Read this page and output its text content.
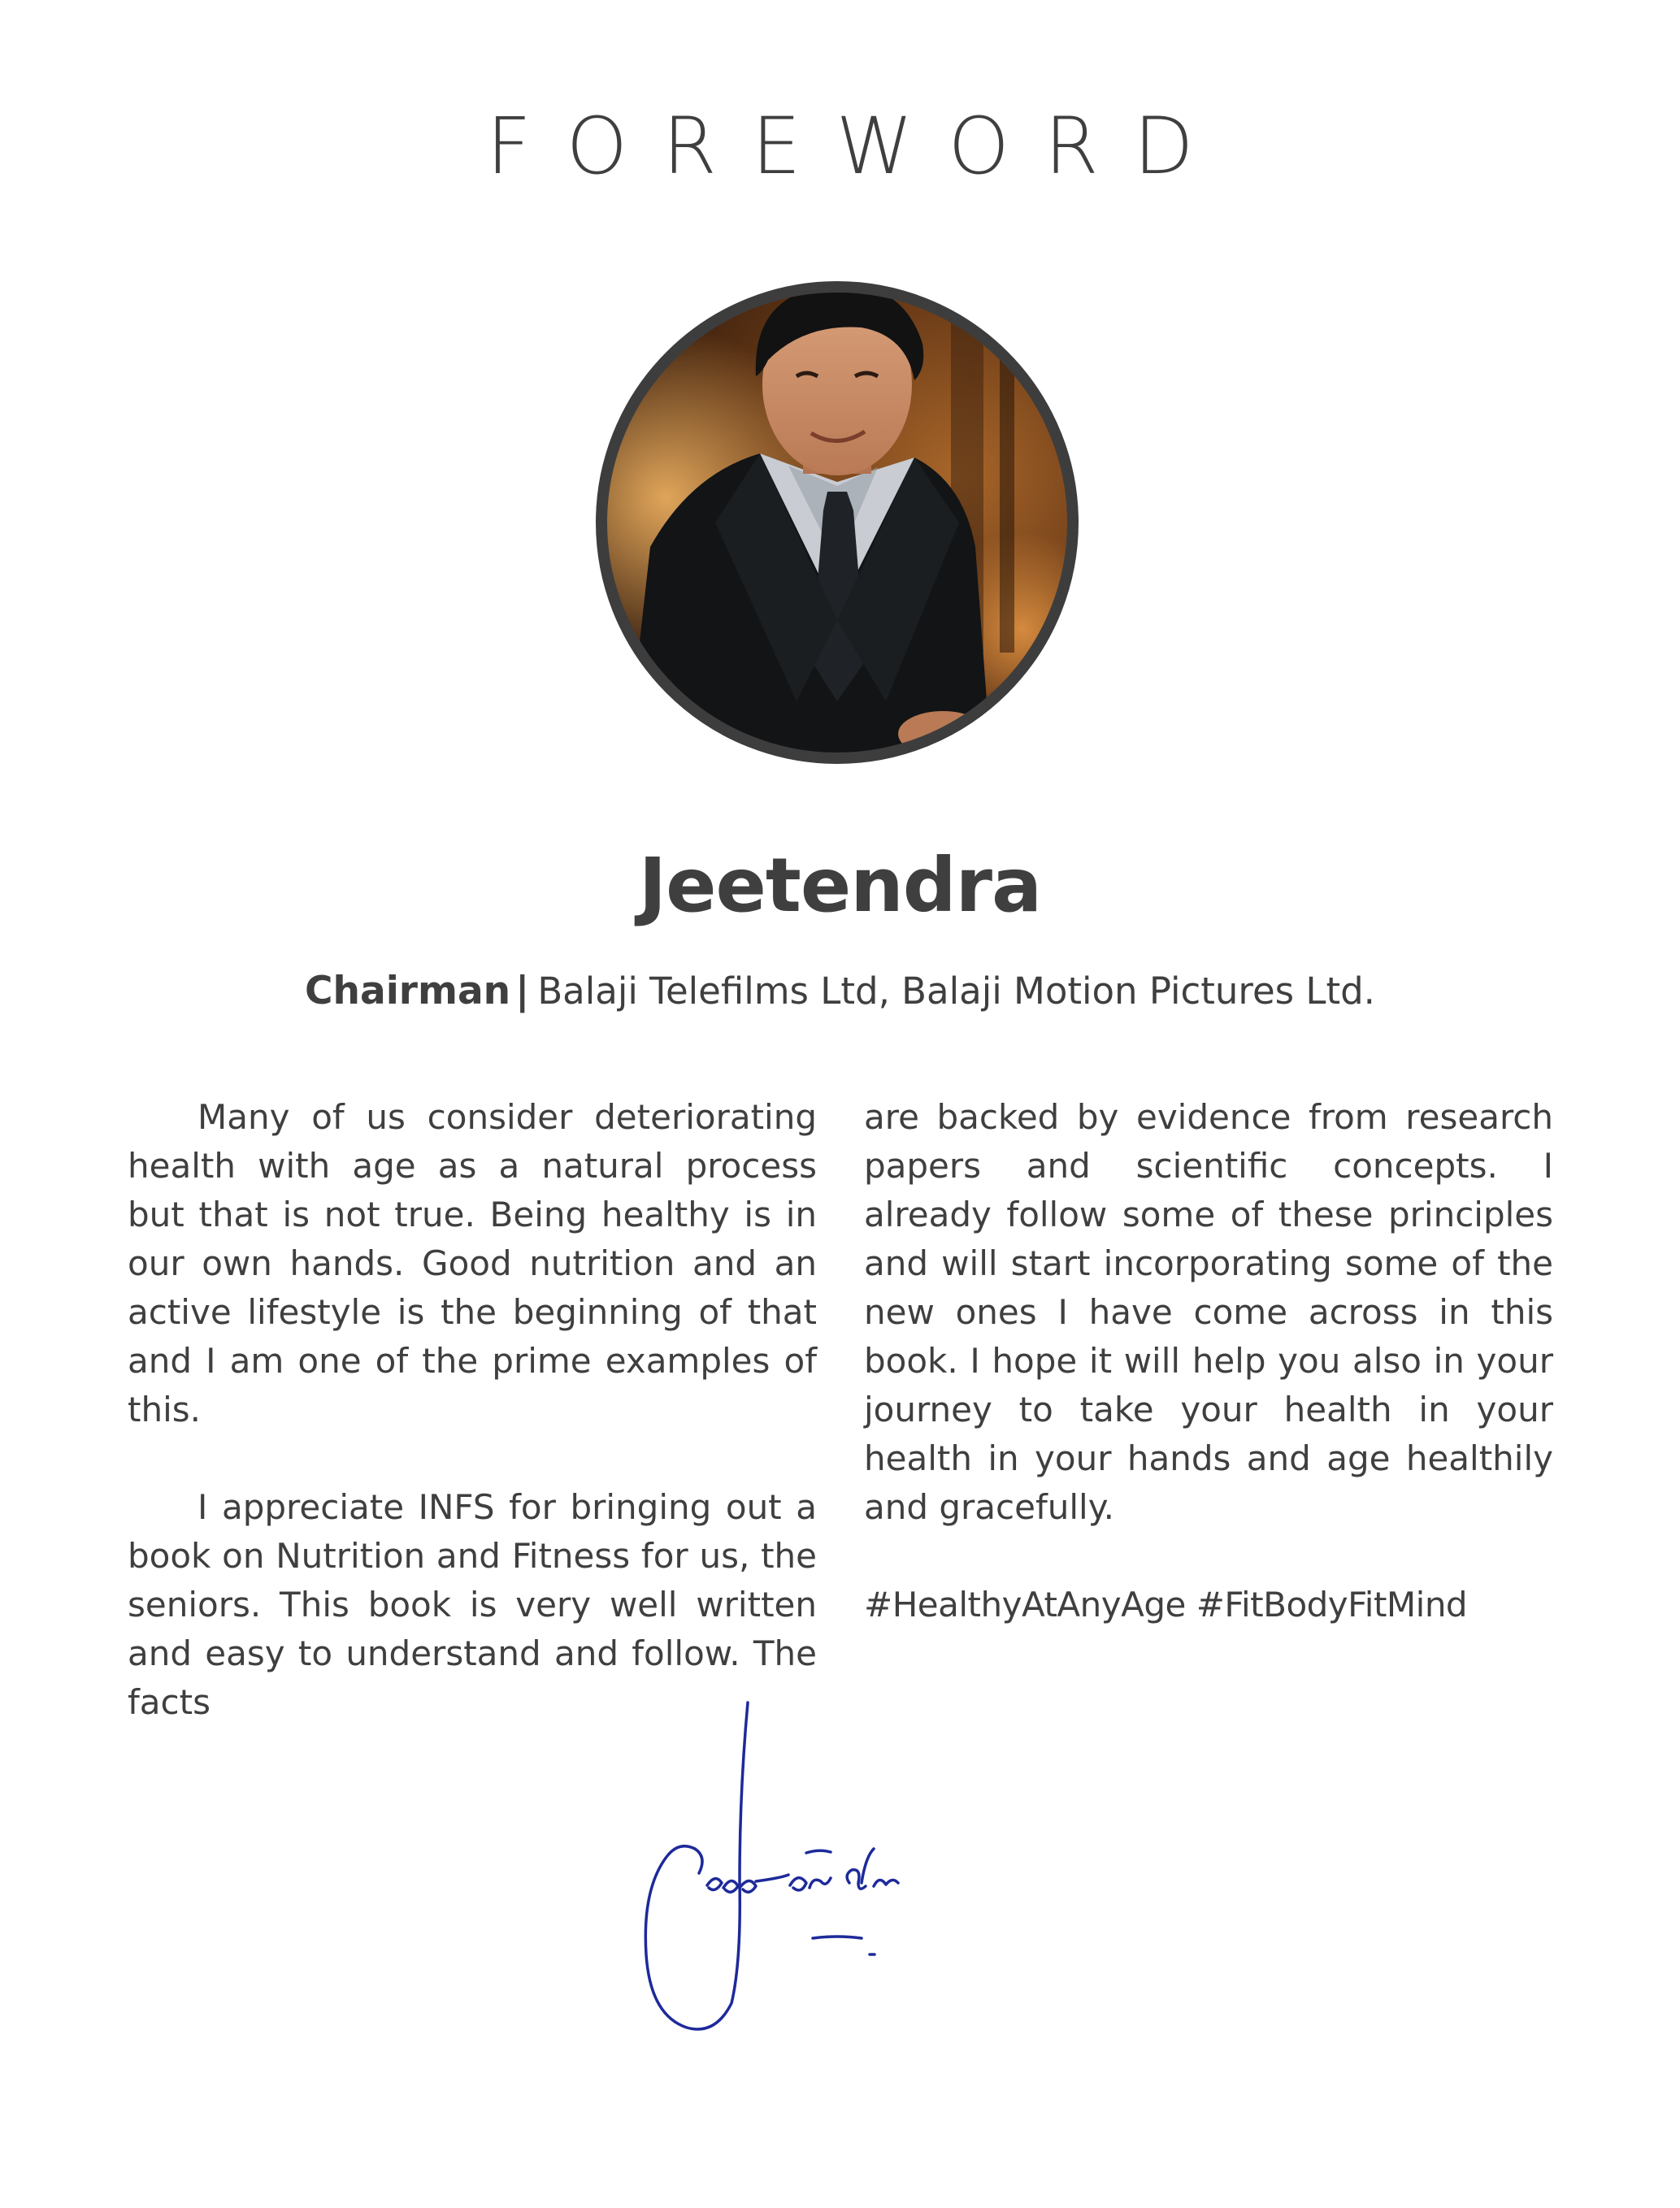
FOREWORD
Jeetendra
Chairman | Balaji Telefilms Ltd, Balaji Motion Pictures Ltd.

Many of us consider deteriorating health with age as a natural process but that is not true. Being healthy is in our own hands. Good nutrition and an active lifestyle is the beginning of that and I am one of the prime examples of this.

I appreciate INFS for bringing out a book on Nutrition and Fitness for us, the seniors. This book is very well written and easy to understand and follow. The facts

are backed by evidence from research papers and scientific concepts. I already follow some of these principles and will start incorporating some of the new ones I have come across in this book. I hope it will help you also in your journey to take your health in your health in your hands and age healthily and gracefully.

#HealthyAtAnyAge #FitBodyFitMind
